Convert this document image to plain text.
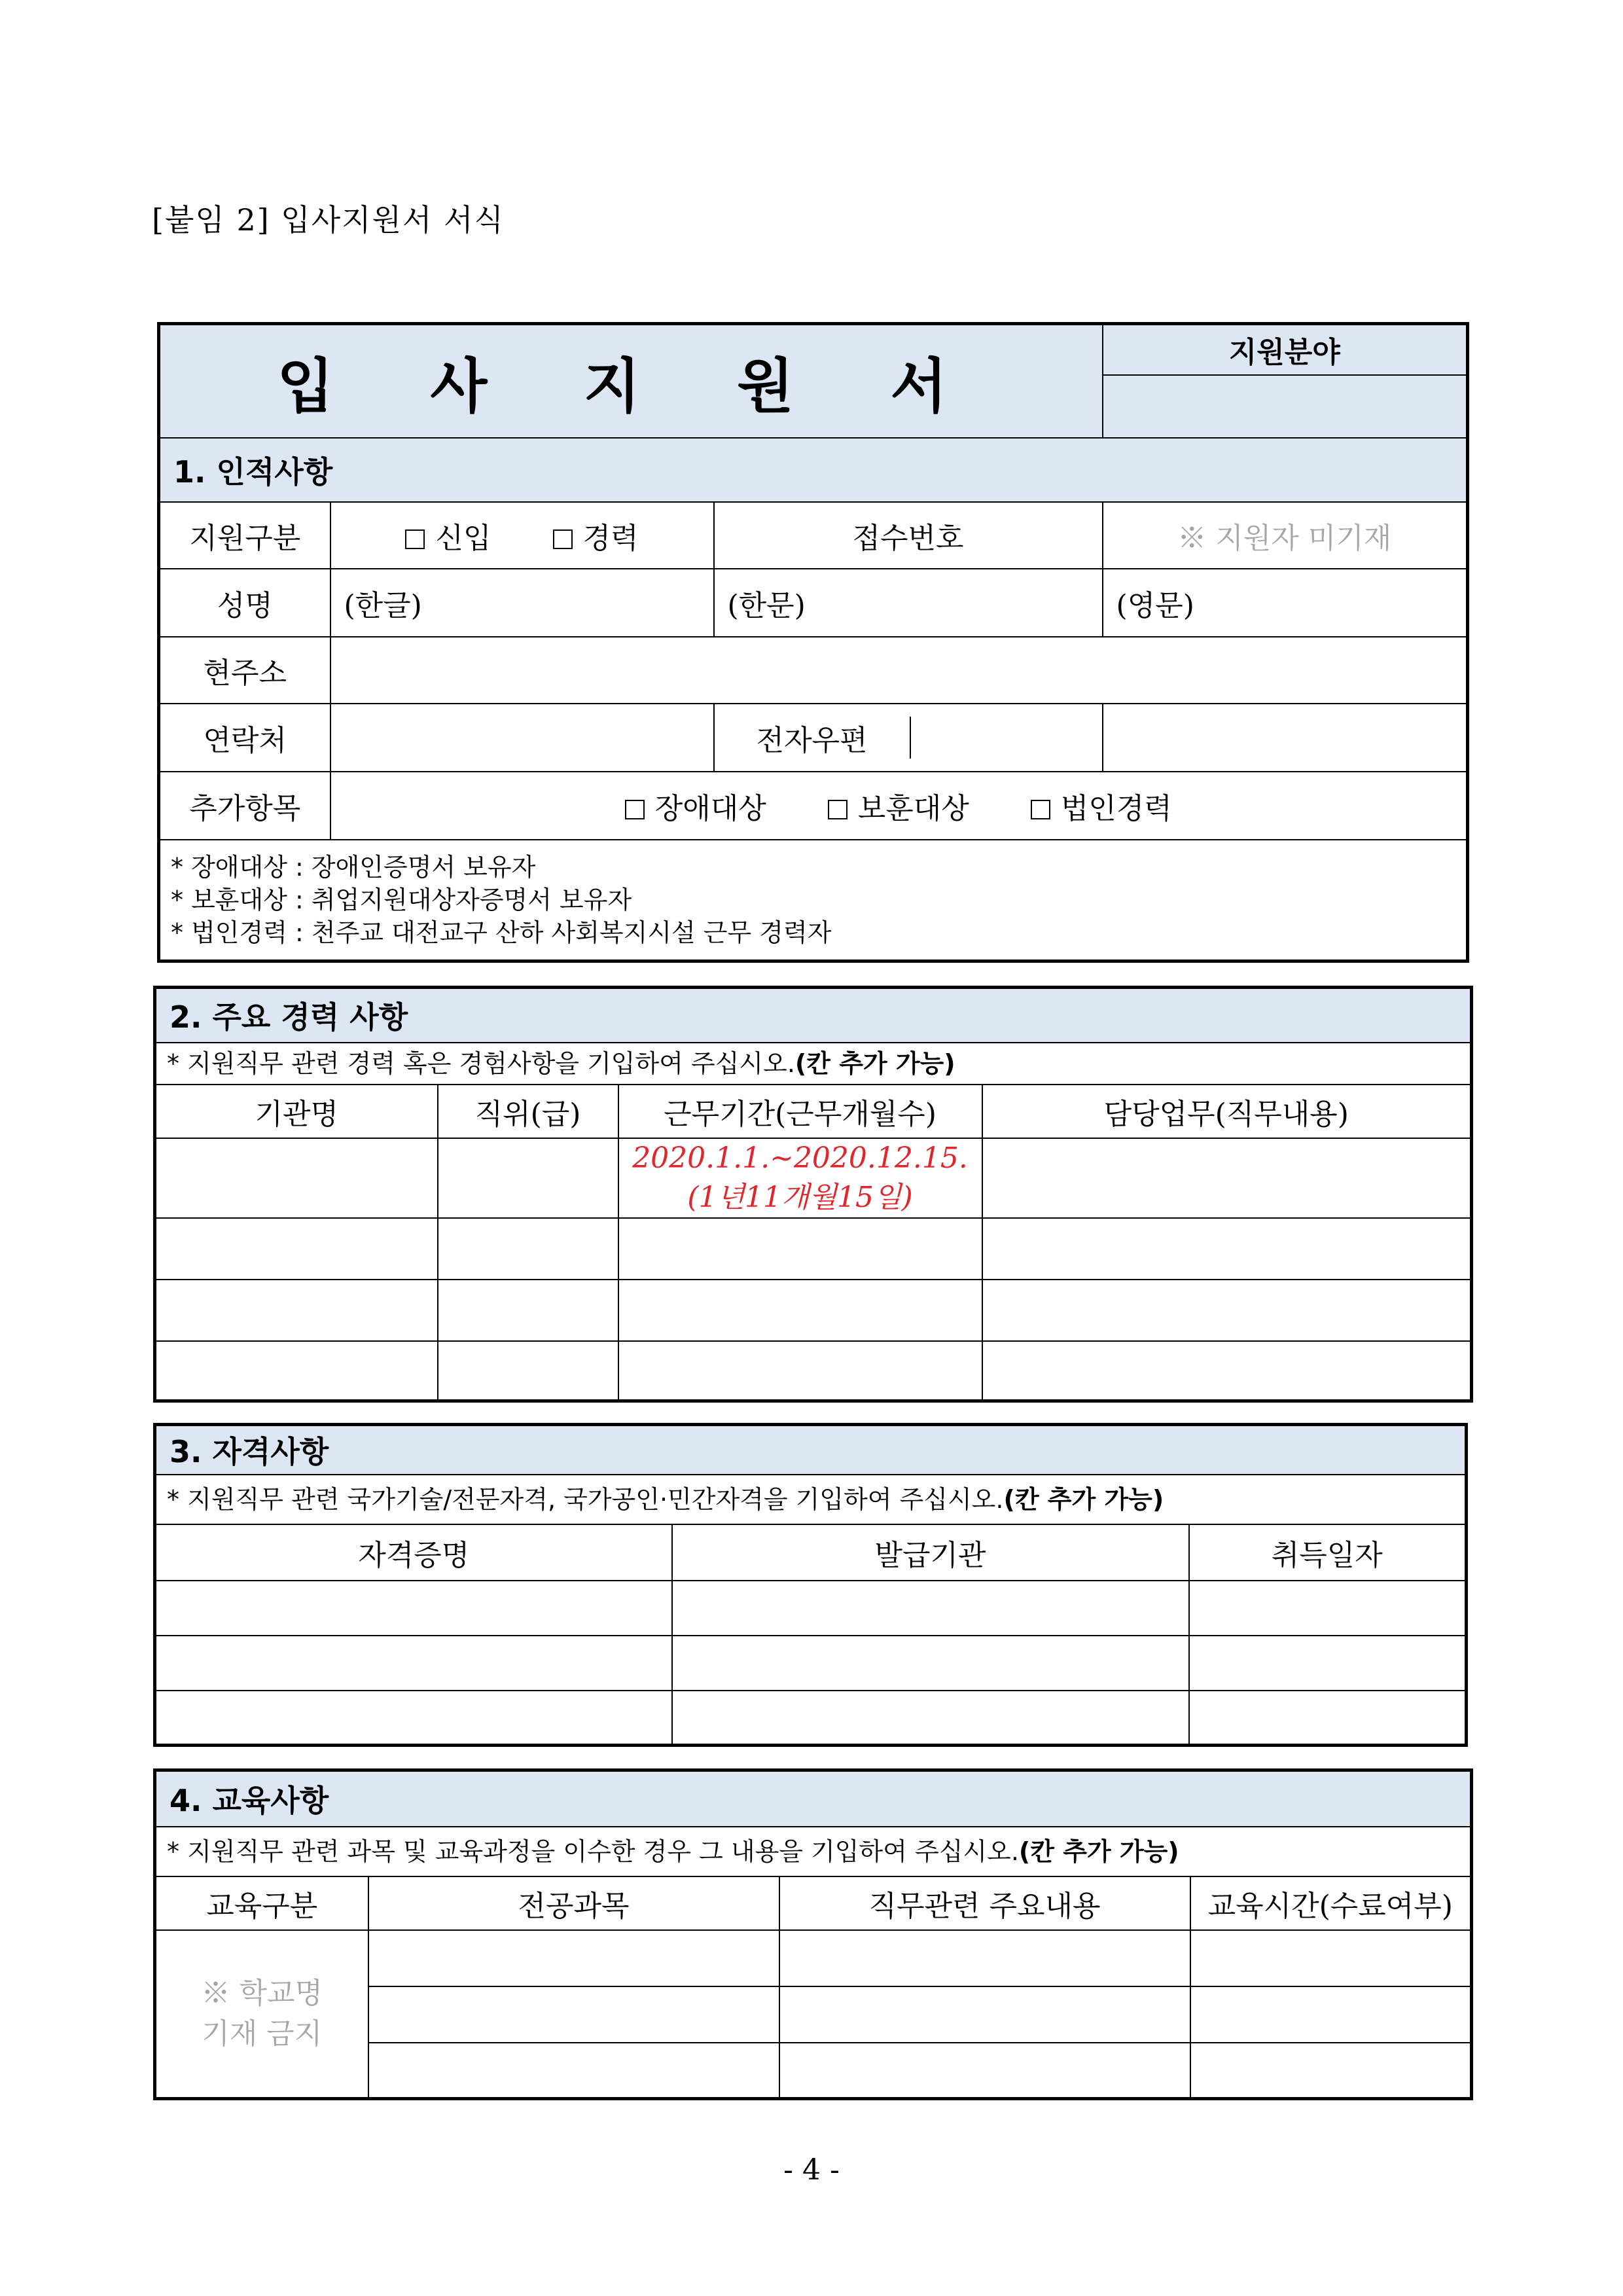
[붙임 2] 입사지원서 서식
입 사 지 원 서			지원분야

1. 인적사항			
지원구분	신입 경력	접수번호	※ 지원자 미기재
성명	(한글)	(한문)	(영문)
현주소			
연락처		전자우편	

추가항목	장애대상 보훈대상 법인경력		

* 장애대상 : 장애인증명서 보유자
* 보훈대상 : 취업지원대상자증명서 보유자
* 법인경력 : 천주교 대전교구 산하 사회복지시설 근무 경력자			
2. 주요 경력 사항			
* 지원직무 관련 경력 혹은 경험사항을 기입하여 주십시오.(칸 추가 가능)			
기관명	직위(급)	근무기간(근무개월수)	담당업무(직무내용)

		2020.1.1.~2020.12.15.
(1년11개월15일)	

3. 자격사항		
* 지원직무 관련 국가기술/전문자격, 국가공인·민간자격을 기입하여 주십시오.(칸 추가 가능)		
자격증명	발급기관	취득일자

4. 교육사항			
* 지원직무 관련 과목 및 교육과정을 이수한 경우 그 내용을 기입하여 주십시오.(칸 추가 가능)			
교육구분	전공과목	직무관련 주요내용	교육시간(수료여부)

※ 학교명
기재 금지			

- 4 -
